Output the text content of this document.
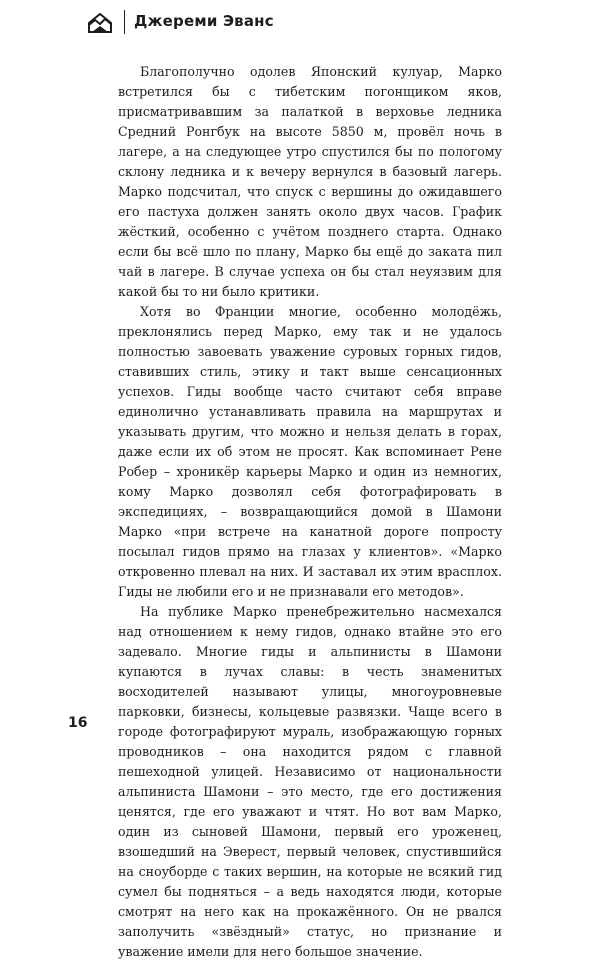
Джереми Эванс

Благополучно одолев Японский кулуар, Марко встретился бы с тибетским погонщиком яков, присматривавшим за палаткой в верховье ледника Средний Ронгбук на высоте 5850 м, провёл ночь в лагере, а на следующее утро спустился бы по пологому склону ледника и к вечеру вернулся в базовый лагерь. Марко подсчитал, что спуск с вершины до ожидавшего его пастуха должен занять около двух часов. График жёсткий, особенно с учётом позднего старта. Однако если бы всё шло по плану, Марко бы ещё до заката пил чай в лагере. В случае успеха он бы стал неуязвим для какой бы то ни было критики.

Хотя во Франции многие, особенно молодёжь, преклонялись перед Марко, ему так и не удалось полностью завоевать уважение суровых горных гидов, ставивших стиль, этику и такт выше сенсационных успехов. Гиды вообще часто считают себя вправе единолично устанавливать правила на маршрутах и указывать другим, что можно и нельзя делать в горах, даже если их об этом не просят. Как вспоминает Рене Робер – хроникёр карьеры Марко и один из немногих, кому Марко дозволял себя фотографировать в экспедициях, – возвращающийся домой в Шамони Марко «при встрече на канатной дороге попросту посылал гидов прямо на глазах у клиентов». «Марко откровенно плевал на них. И заставал их этим врасплох. Гиды не любили его и не признавали его методов».

На публике Марко пренебрежительно насмехался над отношением к нему гидов, однако втайне это его задевало. Многие гиды и альпинисты в Шамони купаются в лучах славы: в честь знаменитых восходителей называют улицы, многоуровневые парковки, бизнесы, кольцевые развязки. Чаще всего в городе фотографируют мураль, изображающую горных проводников – она находится рядом с главной пешеходной улицей. Независимо от национальности альпиниста Шамони – это место, где его достижения ценятся, где его уважают и чтят. Но вот вам Марко, один из сыновей Шамони, первый его уроженец, взошедший на Эверест, первый человек, спустившийся на сноуборде с таких вершин, на которые не всякий гид сумел бы подняться – а ведь находятся люди, которые смотрят на него как на прокажённого. Он не рвался заполучить «звёздный» статус, но признание и уважение имели для него большое значение.

16
